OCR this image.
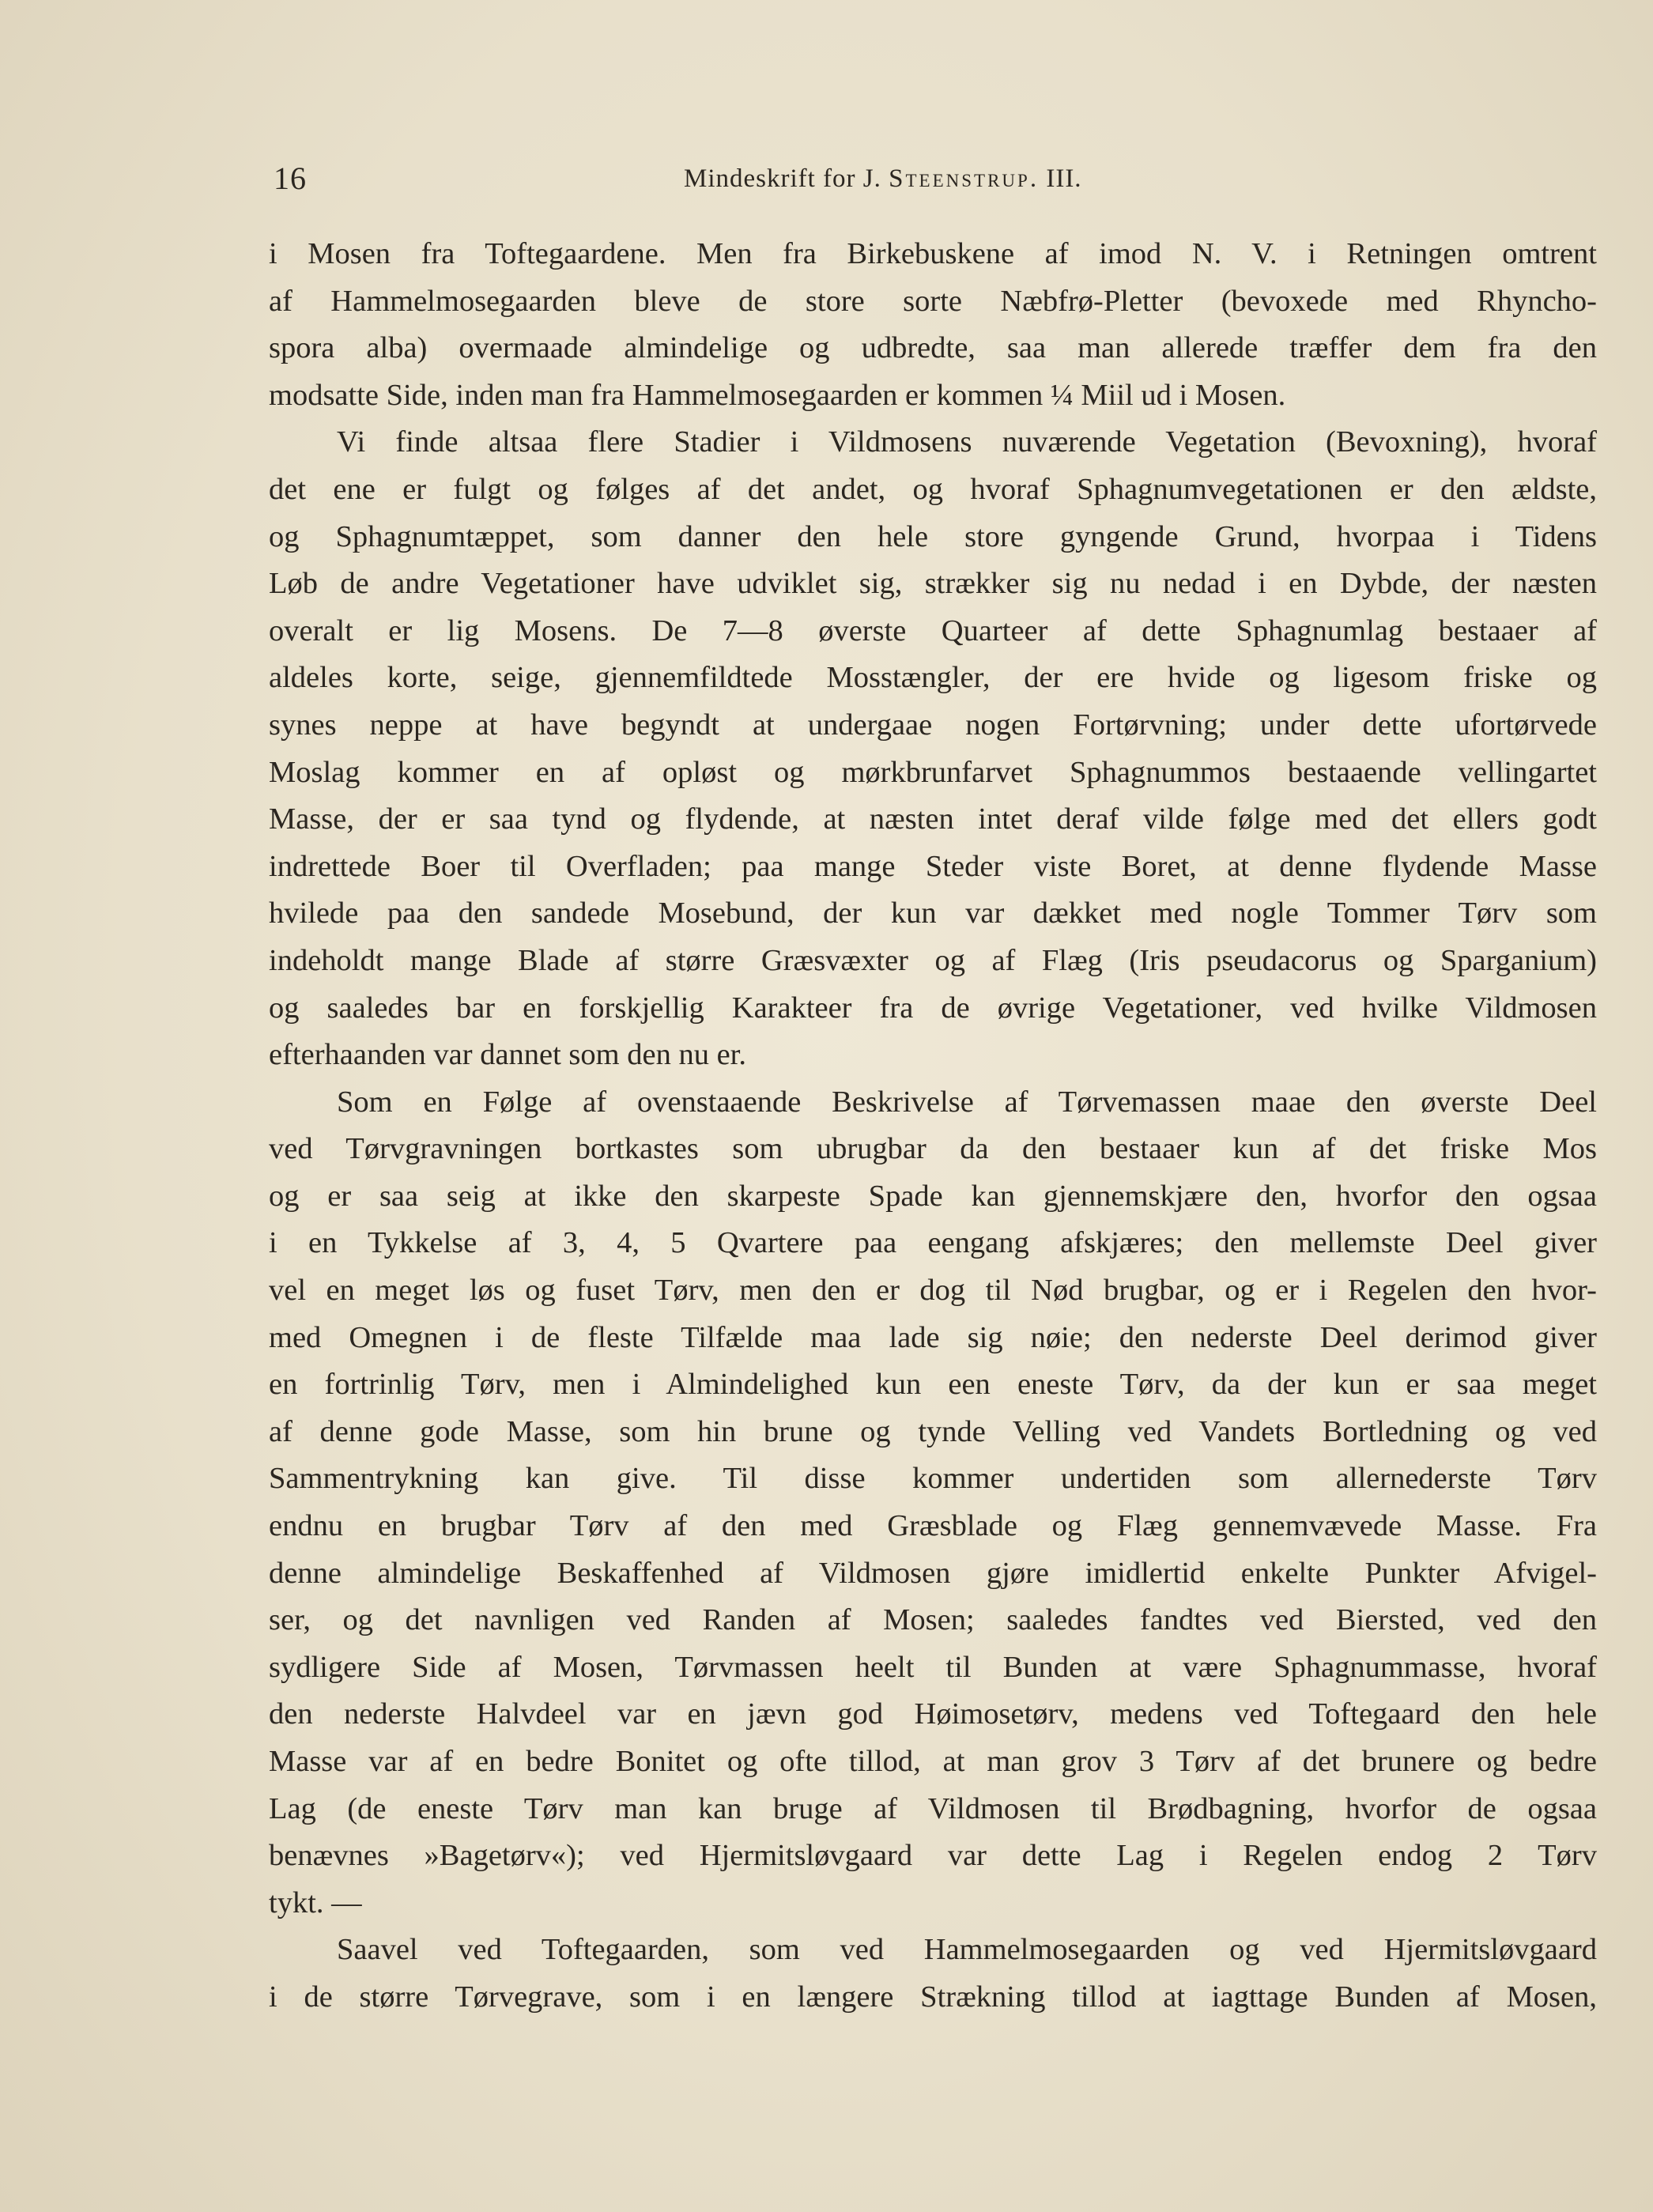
16	Mindeskrift for J. Steenstrup. III.
i Mosen fra Toftegaardene. Men fra Birkebuskene af imod N. V. i Retningen omtrent
af Hammelmosegaarden bleve de store sorte Næbfrø-Pletter (bevoxede med Rhyncho-
spora alba) overmaade almindelige og udbredte, saa man allerede træffer dem fra den
modsatte Side, inden man fra Hammelmosegaarden er kommen ¼ Miil ud i Mosen.
Vi finde altsaa flere Stadier i Vildmosens nuværende Vegetation (Bevoxning), hvoraf
det ene er fulgt og følges af det andet, og hvoraf Sphagnumvegetationen er den ældste,
og Sphagnumtæppet, som danner den hele store gyngende Grund, hvorpaa i Tidens
Løb de andre Vegetationer have udviklet sig, strækker sig nu nedad i en Dybde, der næsten
overalt er lig Mosens. De 7—8 øverste Quarteer af dette Sphagnumlag bestaaer af
aldeles korte, seige, gjennemfildtede Mosstængler, der ere hvide og ligesom friske og
synes neppe at have begyndt at undergaae nogen Fortørvning; under dette ufortørvede
Moslag kommer en af opløst og mørkbrunfarvet Sphagnummos bestaaende vellingartet
Masse, der er saa tynd og flydende, at næsten intet deraf vilde følge med det ellers godt
indrettede Boer til Overfladen; paa mange Steder viste Boret, at denne flydende Masse
hvilede paa den sandede Mosebund, der kun var dækket med nogle Tommer Tørv som
indeholdt mange Blade af større Græsvæxter og af Flæg (Iris pseudacorus og Sparganium)
og saaledes bar en forskjellig Karakteer fra de øvrige Vegetationer, ved hvilke Vildmosen
efterhaanden var dannet som den nu er.
Som en Følge af ovenstaaende Beskrivelse af Tørvemassen maae den øverste Deel
ved Tørvgravningen bortkastes som ubrugbar da den bestaaer kun af det friske Mos
og er saa seig at ikke den skarpeste Spade kan gjennemskjære den, hvorfor den ogsaa
i en Tykkelse af 3, 4, 5 Qvartere paa eengang afskjæres; den mellemste Deel giver
vel en meget løs og fuset Tørv, men den er dog til Nød brugbar, og er i Regelen den hvor-
med Omegnen i de fleste Tilfælde maa lade sig nøie; den nederste Deel derimod giver
en fortrinlig Tørv, men i Almindelighed kun een eneste Tørv, da der kun er saa meget
af denne gode Masse, som hin brune og tynde Velling ved Vandets Bortledning og ved
Sammentrykning kan give. Til disse kommer undertiden som allernederste Tørv
endnu en brugbar Tørv af den med Græsblade og Flæg gennemvævede Masse. Fra
denne almindelige Beskaffenhed af Vildmosen gjøre imidlertid enkelte Punkter Afvigel-
ser, og det navnligen ved Randen af Mosen; saaledes fandtes ved Biersted, ved den
sydligere Side af Mosen, Tørvmassen heelt til Bunden at være Sphagnummasse, hvoraf
den nederste Halvdeel var en jævn god Høimosetørv, medens ved Toftegaard den hele
Masse var af en bedre Bonitet og ofte tillod, at man grov 3 Tørv af det brunere og bedre
Lag (de eneste Tørv man kan bruge af Vildmosen til Brødbagning, hvorfor de ogsaa
benævnes »Bagetørv«); ved Hjermitsløvgaard var dette Lag i Regelen endog 2 Tørv
tykt. —
Saavel ved Toftegaarden, som ved Hammelmosegaarden og ved Hjermitsløvgaard
i de større Tørvegrave, som i en længere Strækning tillod at iagttage Bunden af Mosen,
